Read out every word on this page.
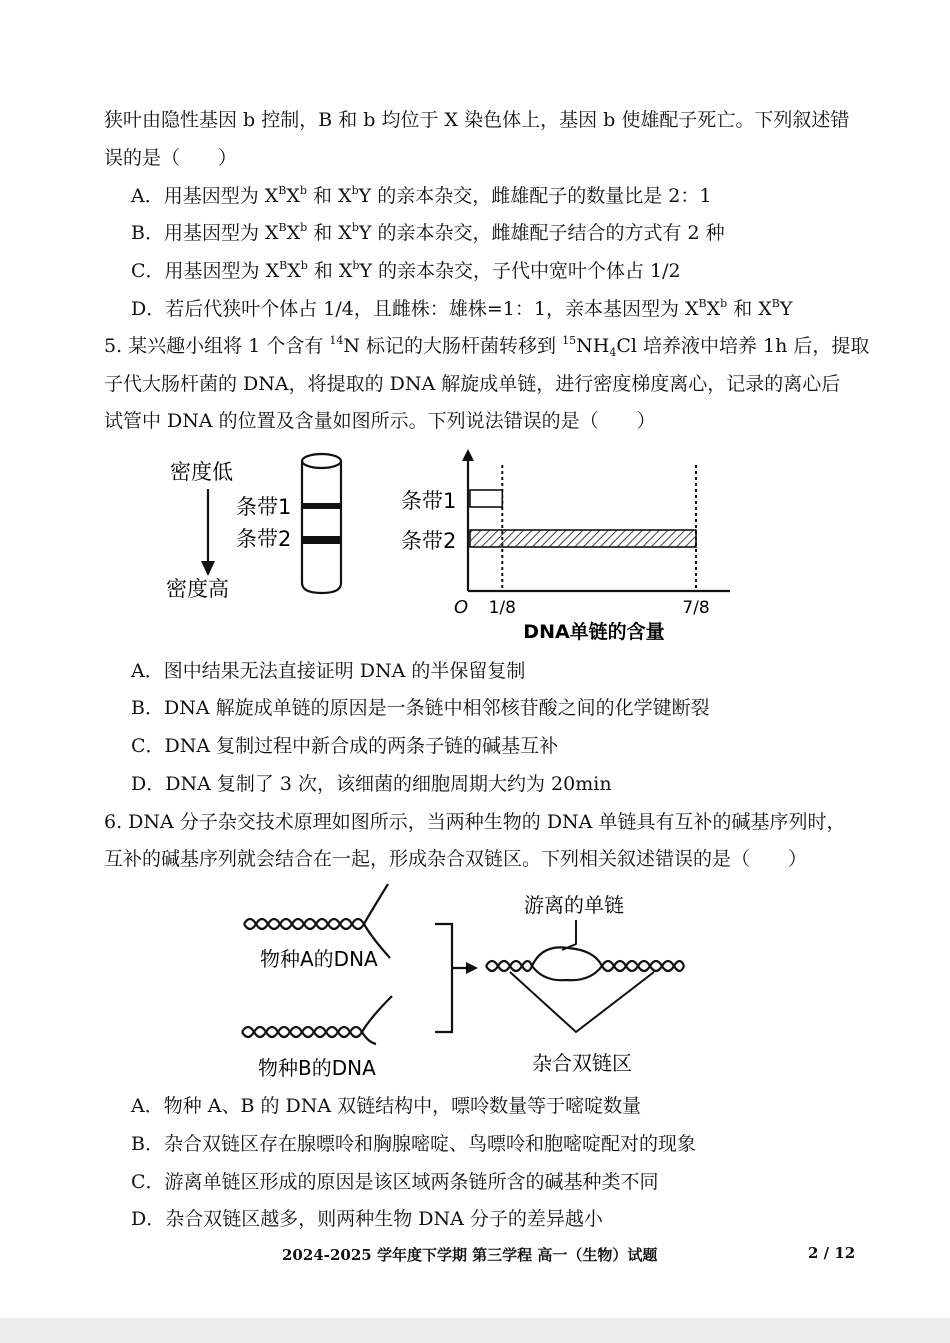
狭叶由隐性基因 b 控制，B 和 b 均位于 X 染色体上，基因 b 使雄配子死亡。下列叙述错
误的是（　　）
A．用基因型为 $X^BX^b$ 和 $X^bY$ 的亲本杂交，雌雄配子的数量比是 2：1
B．用基因型为 $X^BX^b$ 和 $X^bY$ 的亲本杂交，雌雄配子结合的方式有 2 种
C．用基因型为 $X^BX^b$ 和 $X^bY$ 的亲本杂交，子代中宽叶个体占 1/2
D．若后代狭叶个体占 1/4，且雌株：雄株=1：1，亲本基因型为 $X^BX^b$ 和 $X^BY$
5. 某兴趣小组将 1 个含有 $^{14}$N 标记的大肠杆菌转移到 $^{15}NH_4Cl$ 培养液中培养 1h 后，提取
子代大肠杆菌的 DNA，将提取的 DNA 解旋成单链，进行密度梯度离心，记录的离心后
试管中 DNA 的位置及含量如图所示。下列说法错误的是（　　）
密度低
密度高
条带1
条带2
O
条带1
条带2
1/8	7/8
DNA单链的含量
A．图中结果无法直接证明 DNA 的半保留复制
B．DNA 解旋成单链的原因是一条链中相邻核苷酸之间的化学键断裂
C．DNA 复制过程中新合成的两条子链的碱基互补
D．DNA 复制了 3 次，该细菌的细胞周期大约为 20min
6. DNA 分子杂交技术原理如图所示，当两种生物的 DNA 单链具有互补的碱基序列时，
互补的碱基序列就会结合在一起，形成杂合双链区。下列相关叙述错误的是（　　）
物种A的DNA
物种B的DNA
游离的单链
杂合双链区
A．物种 A、B 的 DNA 双链结构中，嘌呤数量等于嘧啶数量
B．杂合双链区存在腺嘌呤和胸腺嘧啶、鸟嘌呤和胞嘧啶配对的现象
C．游离单链区形成的原因是该区域两条链所含的碱基种类不同
D．杂合双链区越多，则两种生物 DNA 分子的差异越小
2024-2025 学年度下学期 第三学程 高一（生物）试题	2 / 12
